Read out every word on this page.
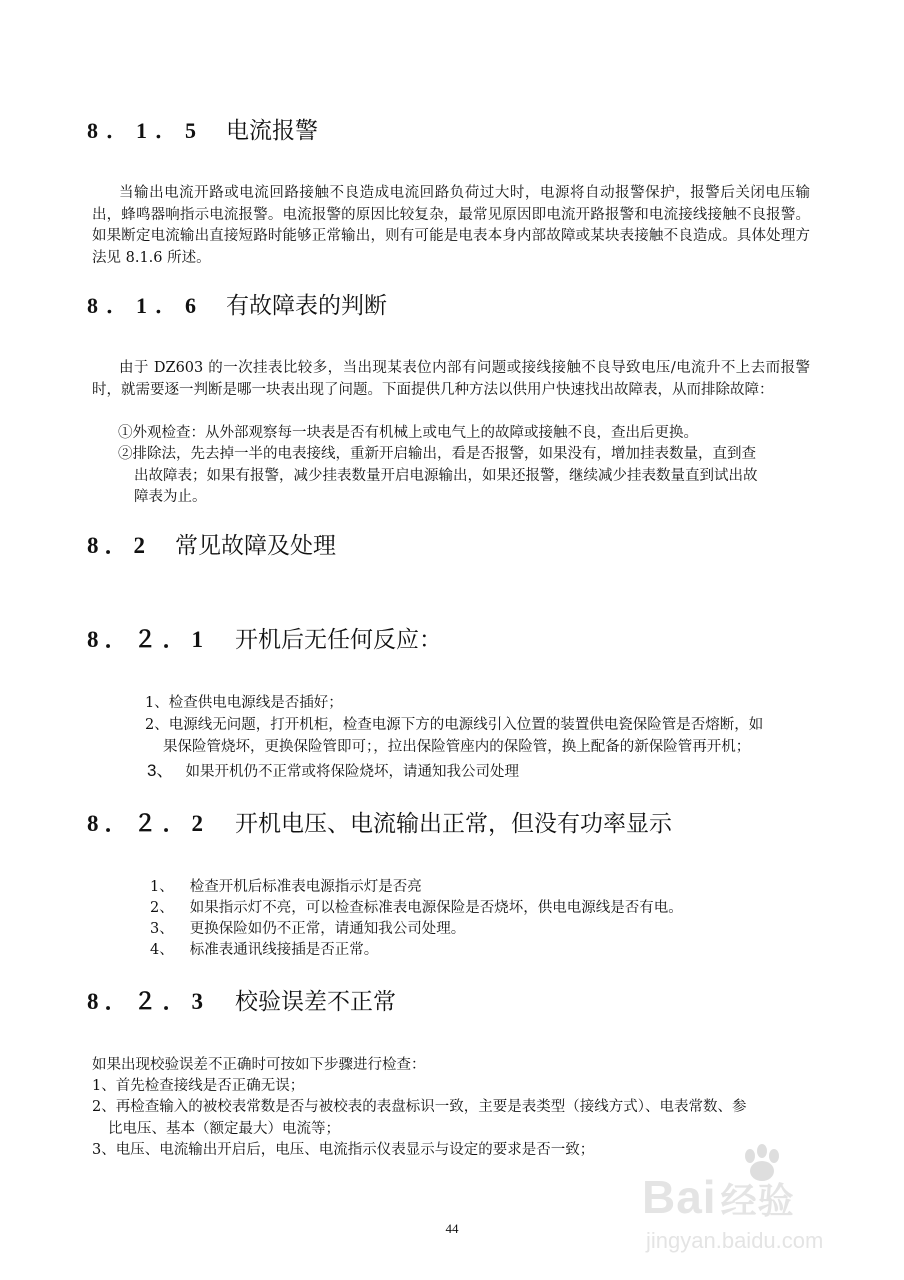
8．1．5 电流报警
当输出电流开路或电流回路接触不良造成电流回路负荷过大时，电源将自动报警保护，报警后关闭电压输出，蜂鸣器响指示电流报警。电流报警的原因比较复杂，最常见原因即电流开路报警和电流接线接触不良报警。如果断定电流输出直接短路时能够正常输出，则有可能是电表本身内部故障或某块表接触不良造成。具体处理方法见 8.1.6 所述。
8．1．6 有故障表的判断
由于 DZ603 的一次挂表比较多，当出现某表位内部有问题或接线接触不良导致电压/电流升不上去而报警时，就需要逐一判断是哪一块表出现了问题。下面提供几种方法以供用户快速找出故障表，从而排除故障：
①外观检查：从外部观察每一块表是否有机械上或电气上的故障或接触不良，查出后更换。
②排除法，先去掉一半的电表接线，重新开启输出，看是否报警，如果没有，增加挂表数量，直到查
出故障表；如果有报警，减少挂表数量开启电源输出，如果还报警，继续减少挂表数量直到试出故
障表为止。
8．2 常见故障及处理
8．２．1 开机后无任何反应：
1、检查供电电源线是否插好；
2、电源线无问题，打开机柜，检查电源下方的电源线引入位置的装置供电瓷保险管是否熔断，如
果保险管烧坏，更换保险管即可；，拉出保险管座内的保险管，换上配备的新保险管再开机；
3、 如果开机仍不正常或将保险烧坏，请通知我公司处理
8．２．2 开机电压、电流输出正常，但没有功率显示
1、 检查开机后标准表电源指示灯是否亮
2、 如果指示灯不亮，可以检查标准表电源保险是否烧坏，供电电源线是否有电。
3、 更换保险如仍不正常，请通知我公司处理。
4、 标准表通讯线接插是否正常。
8．２．3 校验误差不正常
如果出现校验误差不正确时可按如下步骤进行检查：
1、首先检查接线是否正确无误；
2、再检查输入的被校表常数是否与被校表的表盘标识一致，主要是表类型（接线方式）、电表常数、参
比电压、基本（额定最大）电流等；
3、电压、电流输出开启后，电压、电流指示仪表显示与设定的要求是否一致；
44
du
Bai 经验
jingyan.baidu.com
